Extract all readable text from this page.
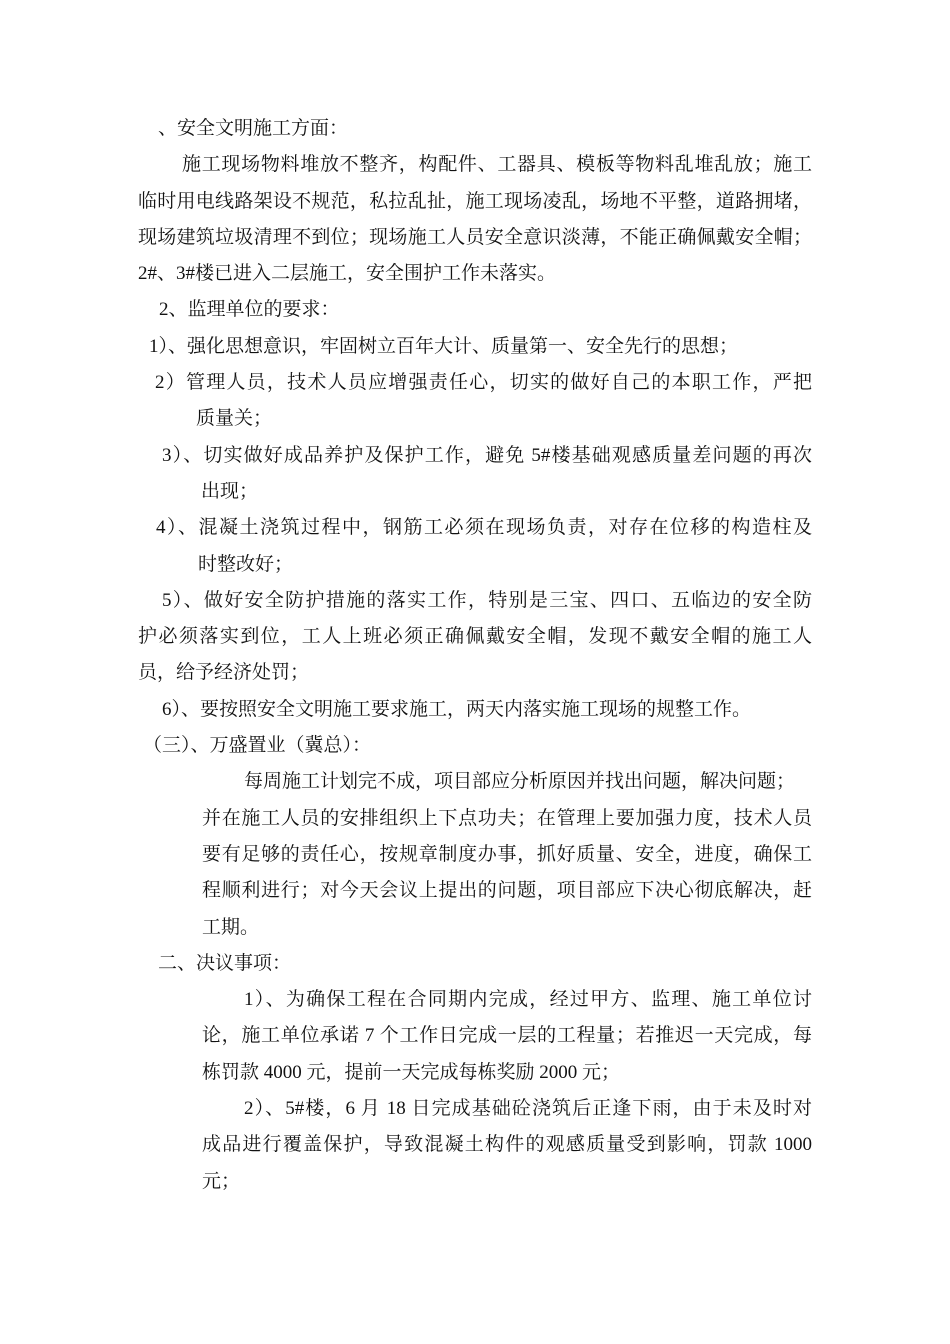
、安全文明施工方面：
施工现场物料堆放不整齐，构配件、工器具、模板等物料乱堆乱放；施工
临时用电线路架设不规范，私拉乱扯，施工现场凌乱，场地不平整，道路拥堵，
现场建筑垃圾清理不到位；现场施工人员安全意识淡薄，不能正确佩戴安全帽；
2#、3#楼已进入二层施工，安全围护工作未落实。
2、监理单位的要求：
1）、强化思想意识，牢固树立百年大计、质量第一、安全先行的思想；
2）管理人员，技术人员应增强责任心，切实的做好自己的本职工作，严把
质量关；
3）、切实做好成品养护及保护工作，避免 5#楼基础观感质量差问题的再次
出现；
4）、混凝土浇筑过程中，钢筋工必须在现场负责，对存在位移的构造柱及
时整改好；
5）、做好安全防护措施的落实工作，特别是三宝、四口、五临边的安全防
护必须落实到位，工人上班必须正确佩戴安全帽，发现不戴安全帽的施工人
员，给予经济处罚；
6）、要按照安全文明施工要求施工，两天内落实施工现场的规整工作。
（三）、万盛置业（冀总）：
每周施工计划完不成，项目部应分析原因并找出问题，解决问题；
并在施工人员的安排组织上下点功夫；在管理上要加强力度，技术人员
要有足够的责任心，按规章制度办事，抓好质量、安全，进度，确保工
程顺利进行；对今天会议上提出的问题，项目部应下决心彻底解决，赶
工期。
二、决议事项：
1）、为确保工程在合同期内完成，经过甲方、监理、施工单位讨
论，施工单位承诺 7 个工作日完成一层的工程量；若推迟一天完成，每
栋罚款 4000 元，提前一天完成每栋奖励 2000 元；
2）、5#楼，6 月 18 日完成基础砼浇筑后正逢下雨，由于未及时对
成品进行覆盖保护，导致混凝土构件的观感质量受到影响，罚款 1000
元；
